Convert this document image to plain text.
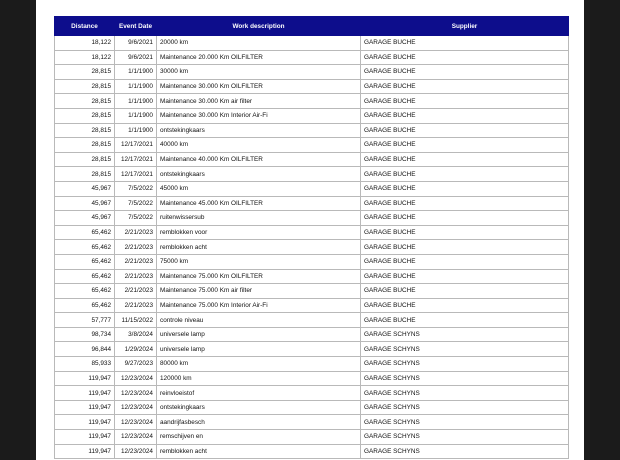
Distance	Event Date	Work description	Supplier
18,122	9/6/2021	20000 km	GARAGE BUCHE
18,122	9/6/2021	Maintenance 20.000 Km OILFILTER	GARAGE BUCHE
28,815	1/1/1900	30000 km	GARAGE BUCHE
28,815	1/1/1900	Maintenance 30.000 Km OILFILTER	GARAGE BUCHE
28,815	1/1/1900	Maintenance 30.000 Km air filter	GARAGE BUCHE
28,815	1/1/1900	Maintenance 30.000 Km Interior Air-Fi	GARAGE BUCHE
28,815	1/1/1900	ontstekingkaars	GARAGE BUCHE
28,815	12/17/2021	40000 km	GARAGE BUCHE
28,815	12/17/2021	Maintenance 40.000 Km OILFILTER	GARAGE BUCHE
28,815	12/17/2021	ontstekingkaars	GARAGE BUCHE
45,967	7/5/2022	45000 km	GARAGE BUCHE
45,967	7/5/2022	Maintenance 45.000 Km OILFILTER	GARAGE BUCHE
45,967	7/5/2022	ruitenwissersub	GARAGE BUCHE
65,462	2/21/2023	remblokken voor	GARAGE BUCHE
65,462	2/21/2023	remblokken acht	GARAGE BUCHE
65,462	2/21/2023	75000 km	GARAGE BUCHE
65,462	2/21/2023	Maintenance 75.000 Km OILFILTER	GARAGE BUCHE
65,462	2/21/2023	Maintenance 75.000 Km air filter	GARAGE BUCHE
65,462	2/21/2023	Maintenance 75.000 Km Interior Air-Fi	GARAGE BUCHE
57,777	11/15/2022	controle niveau	GARAGE BUCHE
98,734	3/8/2024	universele lamp	GARAGE SCHYNS
96,844	1/29/2024	universele lamp	GARAGE SCHYNS
85,933	9/27/2023	80000 km	GARAGE SCHYNS
119,947	12/23/2024	120000 km	GARAGE SCHYNS
119,947	12/23/2024	reinvloeistof	GARAGE SCHYNS
119,947	12/23/2024	ontstekingkaars	GARAGE SCHYNS
119,947	12/23/2024	aandrijfasbesch	GARAGE SCHYNS
119,947	12/23/2024	remschijven en	GARAGE SCHYNS
119,947	12/23/2024	remblokken acht	GARAGE SCHYNS
